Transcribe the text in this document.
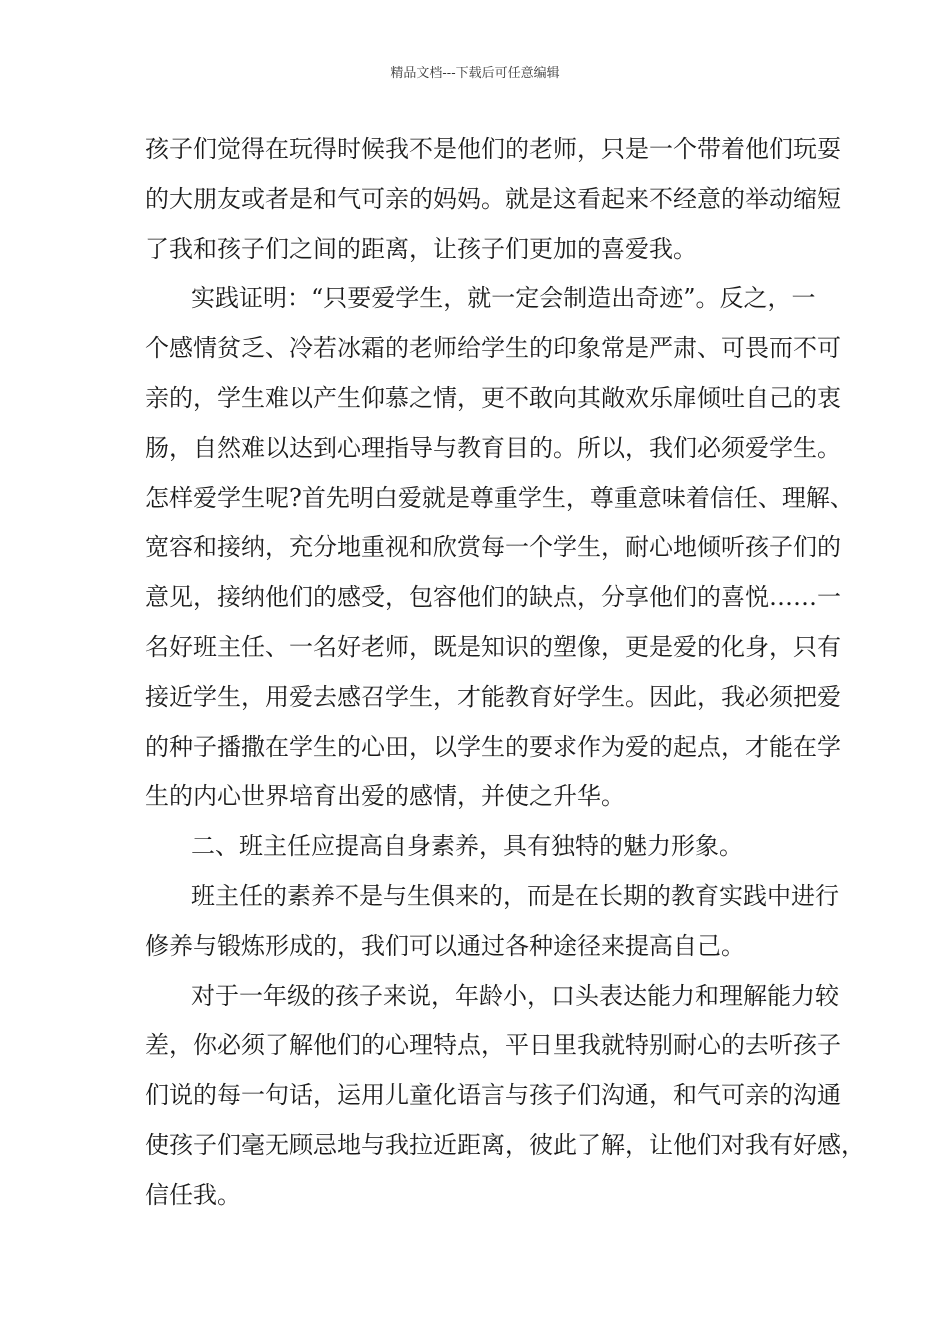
精品文档---下载后可任意编辑
孩子们觉得在玩得时候我不是他们的老师，只是一个带着他们玩耍
的大朋友或者是和气可亲的妈妈。就是这看起来不经意的举动缩短
了我和孩子们之间的距离，让孩子们更加的喜爱我。
实践证明：“只要爱学生，就一定会制造出奇迹”。反之，一
个感情贫乏、冷若冰霜的老师给学生的印象常是严肃、可畏而不可
亲的，学生难以产生仰慕之情，更不敢向其敞欢乐扉倾吐自己的衷
肠，自然难以达到心理指导与教育目的。所以，我们必须爱学生。
怎样爱学生呢?首先明白爱就是尊重学生，尊重意味着信任、理解、
宽容和接纳，充分地重视和欣赏每一个学生，耐心地倾听孩子们的
意见，接纳他们的感受，包容他们的缺点，分享他们的喜悦……一
名好班主任、一名好老师，既是知识的塑像，更是爱的化身，只有
接近学生，用爱去感召学生，才能教育好学生。因此，我必须把爱
的种子播撒在学生的心田，以学生的要求作为爱的起点，才能在学
生的内心世界培育出爱的感情，并使之升华。
二、班主任应提高自身素养，具有独特的魅力形象。
班主任的素养不是与生俱来的，而是在长期的教育实践中进行
修养与锻炼形成的，我们可以通过各种途径来提高自己。
对于一年级的孩子来说，年龄小，口头表达能力和理解能力较
差，你必须了解他们的心理特点，平日里我就特别耐心的去听孩子
们说的每一句话，运用儿童化语言与孩子们沟通，和气可亲的沟通
使孩子们毫无顾忌地与我拉近距离，彼此了解，让他们对我有好感，
信任我。
